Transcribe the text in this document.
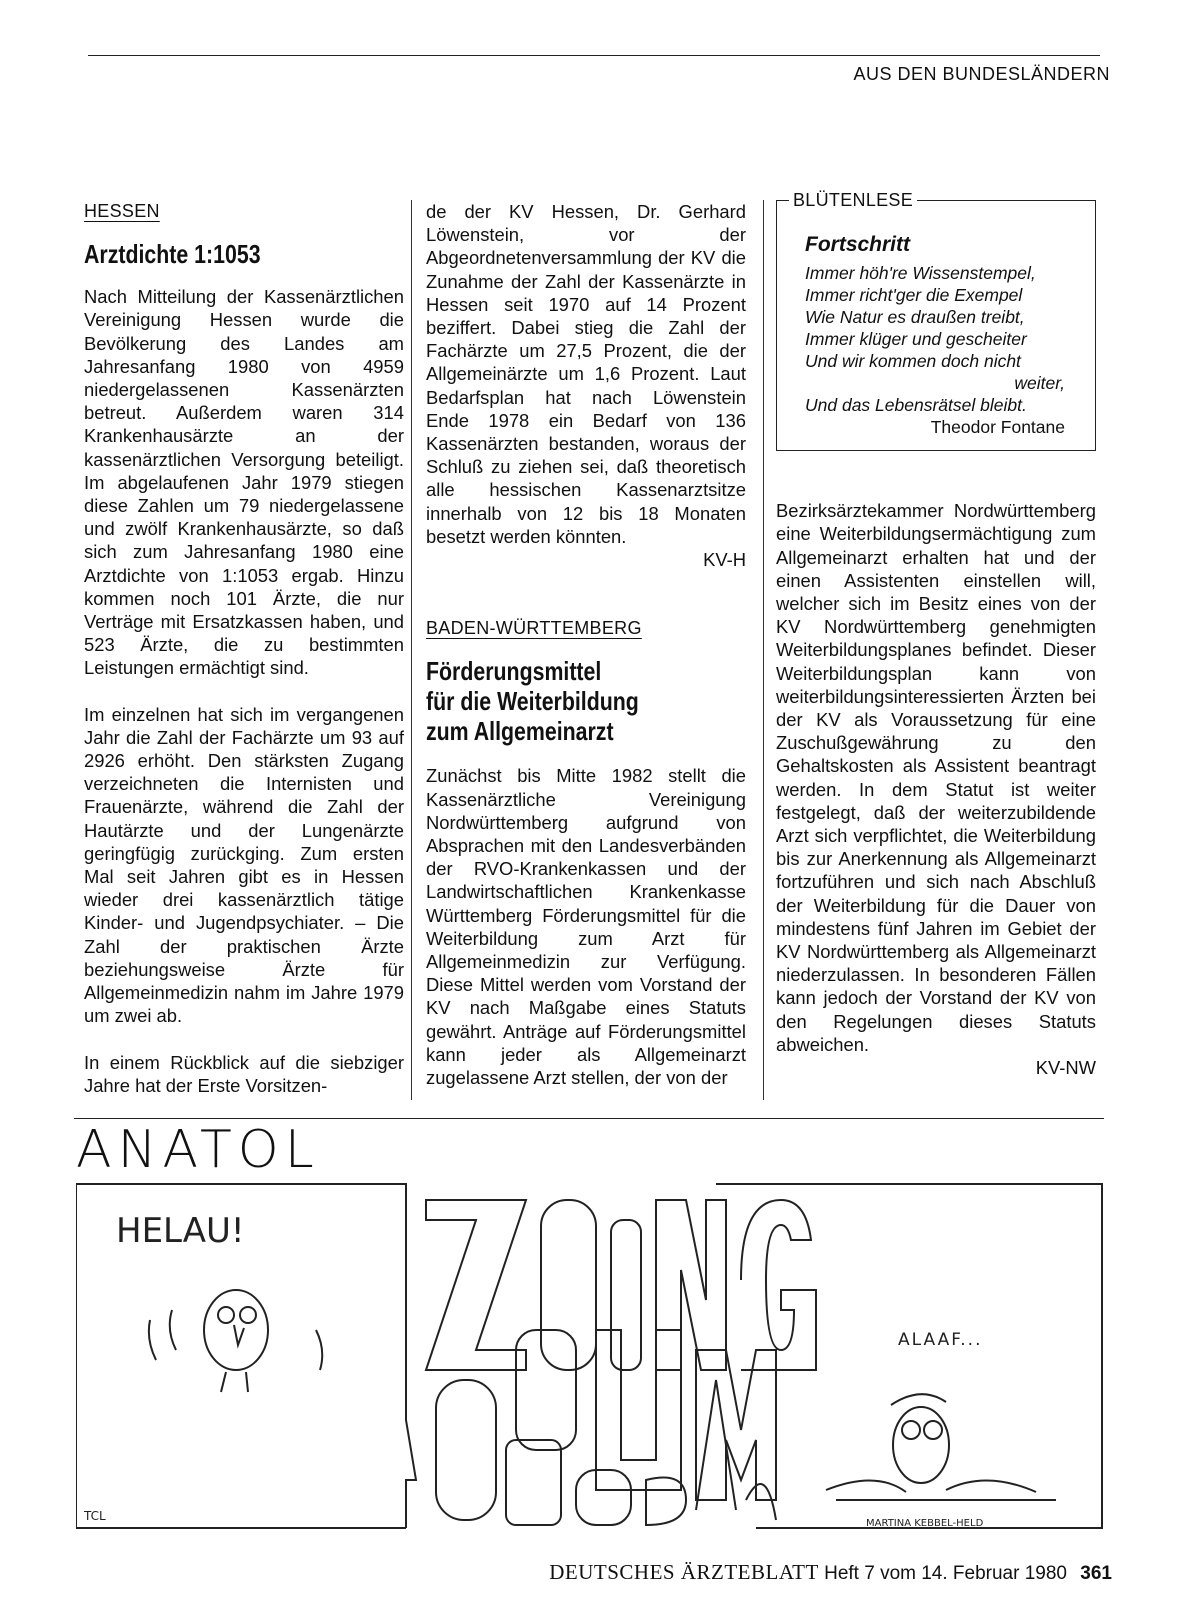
AUS DEN BUNDESLÄNDERN
HESSEN
Arztdichte 1:1053

Nach Mitteilung der Kassenärztlichen Vereinigung Hessen wurde die Bevölkerung des Landes am Jahresanfang 1980 von 4959 niedergelassenen Kassenärzten betreut. Außerdem waren 314 Krankenhausärzte an der kassenärztlichen Versorgung beteiligt. Im abgelaufenen Jahr 1979 stiegen diese Zahlen um 79 niedergelassene und zwölf Krankenhausärzte, so daß sich zum Jahresanfang 1980 eine Arztdichte von 1:1053 ergab. Hinzu kommen noch 101 Ärzte, die nur Verträge mit Ersatzkassen haben, und 523 Ärzte, die zu bestimmten Leistungen ermächtigt sind.

Im einzelnen hat sich im vergangenen Jahr die Zahl der Fachärzte um 93 auf 2926 erhöht. Den stärksten Zugang verzeichneten die Internisten und Frauenärzte, während die Zahl der Hautärzte und der Lungenärzte geringfügig zurückging. Zum ersten Mal seit Jahren gibt es in Hessen wieder drei kassenärztlich tätige Kinder- und Jugendpsychiater. – Die Zahl der praktischen Ärzte beziehungsweise Ärzte für Allgemeinmedizin nahm im Jahre 1979 um zwei ab.

In einem Rückblick auf die siebziger Jahre hat der Erste Vorsitzen-

de der KV Hessen, Dr. Gerhard Löwenstein, vor der Abgeordnetenversammlung der KV die Zunahme der Zahl der Kassenärzte in Hessen seit 1970 auf 14 Prozent beziffert. Dabei stieg die Zahl der Fachärzte um 27,5 Prozent, die der Allgemeinärzte um 1,6 Prozent. Laut Bedarfsplan hat nach Löwenstein Ende 1978 ein Bedarf von 136 Kassenärzten bestanden, woraus der Schluß zu ziehen sei, daß theoretisch alle hessischen Kassenarztsitze innerhalb von 12 bis 18 Monaten besetzt werden könnten.

KV-H

BADEN-WÜRTTEMBERG
Förderungsmittel
für die Weiterbildung
zum Allgemeinarzt

Zunächst bis Mitte 1982 stellt die Kassenärztliche Vereinigung Nordwürttemberg aufgrund von Absprachen mit den Landesverbänden der RVO-Krankenkassen und der Landwirtschaftlichen Krankenkasse Württemberg Förderungsmittel für die Weiterbildung zum Arzt für Allgemeinmedizin zur Verfügung. Diese Mittel werden vom Vorstand der KV nach Maßgabe eines Statuts gewährt. Anträge auf Förderungsmittel kann jeder als Allgemeinarzt zugelassene Arzt stellen, der von der

BLÜTENLESE
Fortschritt
Immer höh're Wissenstempel,
Immer richt'ger die Exempel
Wie Natur es draußen treibt,
Immer klüger und gescheiter
Und wir kommen doch nicht
weiter,
Und das Lebensrätsel bleibt.
Theodor Fontane

Bezirksärztekammer Nordwürttemberg eine Weiterbildungsermächtigung zum Allgemeinarzt erhalten hat und der einen Assistenten einstellen will, welcher sich im Besitz eines von der KV Nordwürttemberg genehmigten Weiterbildungsplanes befindet. Dieser Weiterbildungsplan kann von weiterbildungsinteressierten Ärzten bei der KV als Voraussetzung für eine Zuschußgewährung zu den Gehaltskosten als Assistent beantragt werden. In dem Statut ist weiter festgelegt, daß der weiterzubildende Arzt sich verpflichtet, die Weiterbildung bis zur Anerkennung als Allgemeinarzt fortzuführen und sich nach Abschluß der Weiterbildung für die Dauer von mindestens fünf Jahren im Gebiet der KV Nordwürttemberg als Allgemeinarzt niederzulassen. In besonderen Fällen kann jedoch der Vorstand der KV von den Regelungen dieses Statuts abweichen.

KV-NW

ANATOL
HELAU!
ALAAF...
TCL
MARTINA KEBBEL-HELD
DEUTSCHES ÄRZTEBLATT Heft 7 vom 14. Februar 1980 361
